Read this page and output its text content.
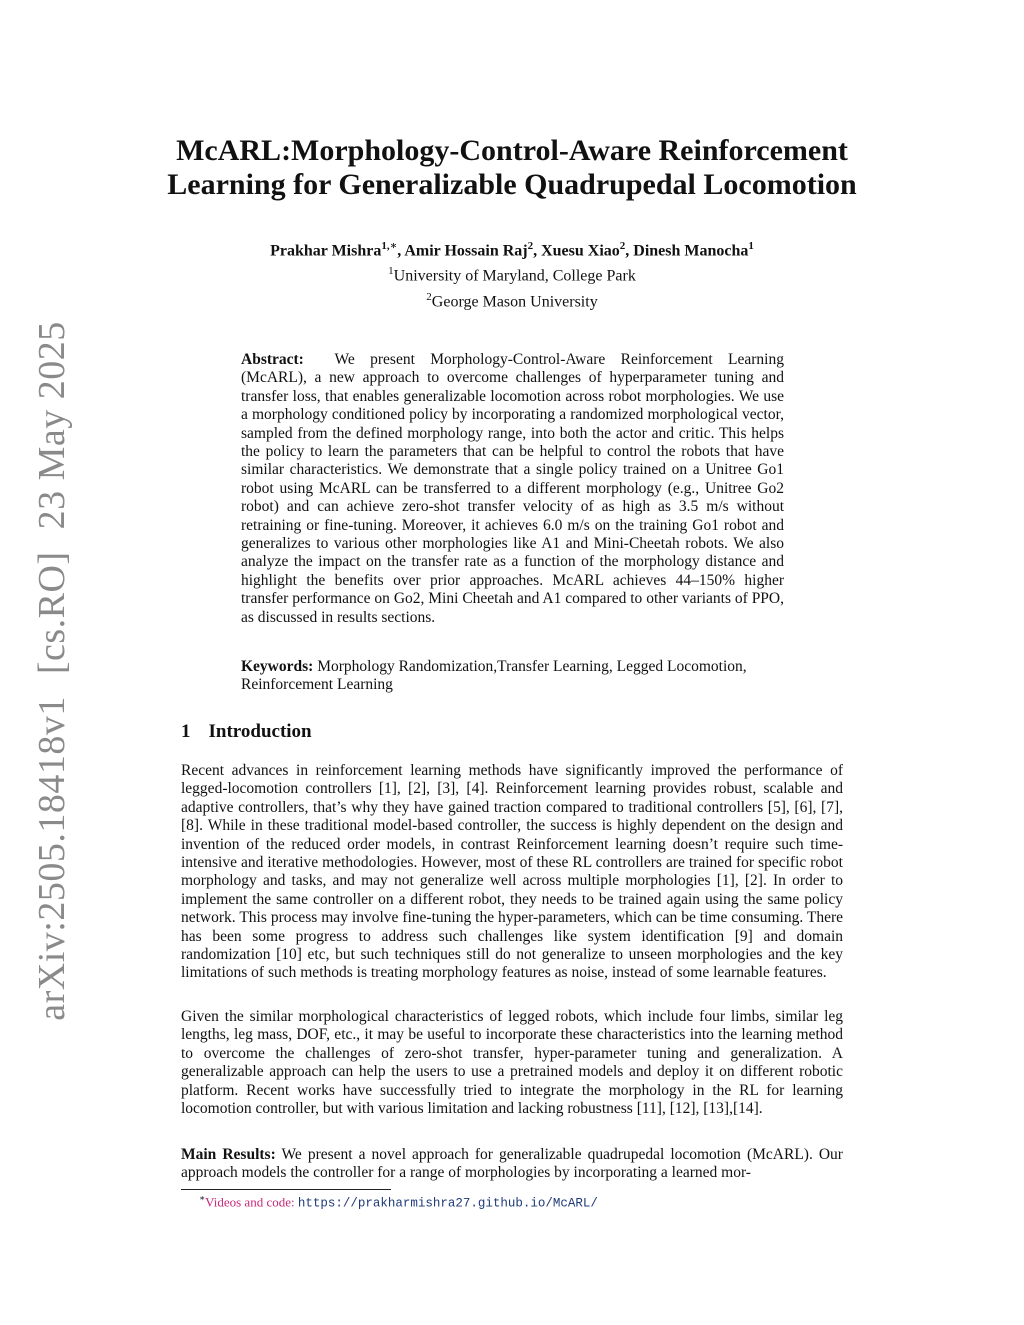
arXiv:2505.18418v1[cs.RO]23 May 2025
McARL:Morphology-Control-Aware Reinforcement
Learning for Generalizable Quadrupedal Locomotion
Prakhar Mishra$^{1,∗}$, Amir Hossain Raj$^2$, Xuesu Xiao$^2$, Dinesh Manocha$^1$
$^1$University of Maryland, College Park
$^2$George Mason University
Abstract: We present Morphology-Control-Aware Reinforcement Learning (McARL), a new approach to overcome challenges of hyperparameter tuning and transfer loss, that enables generalizable locomotion across robot morphologies. We use a morphology conditioned policy by incorporating a randomized morphological vector, sampled from the defined morphology range, into both the actor and critic. This helps the policy to learn the parameters that can be helpful to control the robots that have similar characteristics. We demonstrate that a single policy trained on a Unitree Go1 robot using McARL can be transferred to a different morphology (e.g., Unitree Go2 robot) and can achieve zero-shot transfer velocity of as high as 3.5 m/s without retraining or fine-tuning. Moreover, it achieves 6.0 m/s on the training Go1 robot and generalizes to various other morphologies like A1 and Mini-Cheetah robots. We also analyze the impact on the transfer rate as a function of the morphology distance and highlight the benefits over prior approaches. McARL achieves 44–150% higher transfer performance on Go2, Mini Cheetah and A1 compared to other variants of PPO, as discussed in results sections.
Keywords: Morphology Randomization,Transfer Learning, Legged Locomotion, Reinforcement Learning
1 Introduction
Recent advances in reinforcement learning methods have significantly improved the performance of legged-locomotion controllers [1], [2], [3], [4]. Reinforcement learning provides robust, scalable and adaptive controllers, that’s why they have gained traction compared to traditional controllers [5], [6], [7], [8]. While in these traditional model-based controller, the success is highly dependent on the design and invention of the reduced order models, in contrast Reinforcement learning doesn’t require such time-intensive and iterative methodologies. However, most of these RL controllers are trained for specific robot morphology and tasks, and may not generalize well across multiple morphologies [1], [2]. In order to implement the same controller on a different robot, they needs to be trained again using the same policy network. This process may involve fine-tuning the hyper-parameters, which can be time consuming. There has been some progress to address such challenges like system identification [9] and domain randomization [10] etc, but such techniques still do not generalize to unseen morphologies and the key limitations of such methods is treating morphology features as noise, instead of some learnable features.
Given the similar morphological characteristics of legged robots, which include four limbs, similar leg lengths, leg mass, DOF, etc., it may be useful to incorporate these characteristics into the learning method to overcome the challenges of zero-shot transfer, hyper-parameter tuning and generalization. A generalizable approach can help the users to use a pretrained models and deploy it on different robotic platform. Recent works have successfully tried to integrate the morphology in the RL for learning locomotion controller, but with various limitation and lacking robustness [11], [12], [13],[14].
Main Results: We present a novel approach for generalizable quadrupedal locomotion (McARL). Our approach models the controller for a range of morphologies by incorporating a learned mor-
∗Videos and code: https://prakharmishra27.github.io/McARL/
